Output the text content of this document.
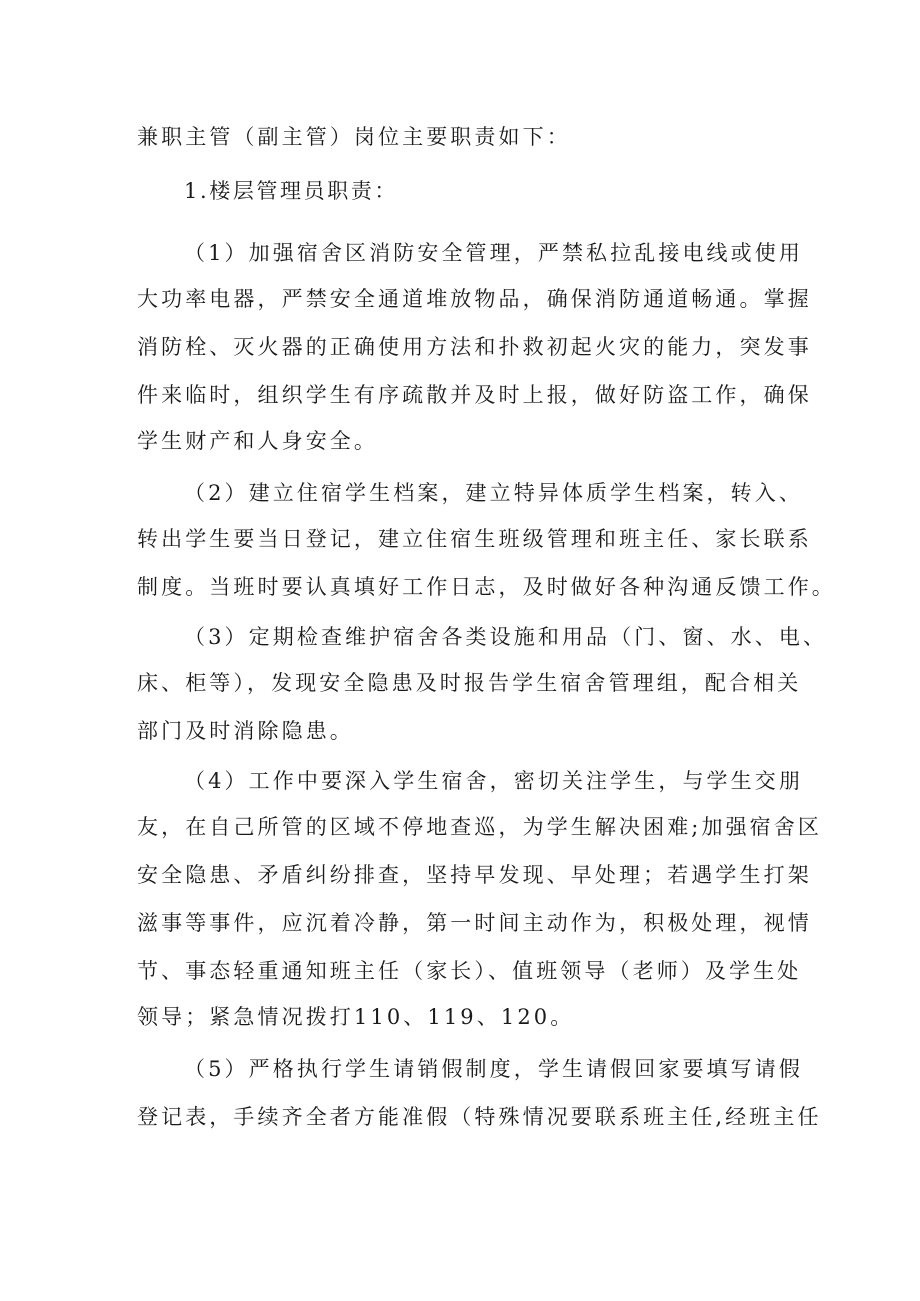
兼职主管（副主管）岗位主要职责如下：
1.楼层管理员职责：
（1）加强宿舍区消防安全管理，严禁私拉乱接电线或使用
大功率电器，严禁安全通道堆放物品，确保消防通道畅通。掌握
消防栓、灭火器的正确使用方法和扑救初起火灾的能力，突发事
件来临时，组织学生有序疏散并及时上报，做好防盗工作，确保
学生财产和人身安全。
（2）建立住宿学生档案，建立特异体质学生档案，转入、
转出学生要当日登记，建立住宿生班级管理和班主任、家长联系
制度。当班时要认真填好工作日志，及时做好各种沟通反馈工作。
（3）定期检查维护宿舍各类设施和用品（门、窗、水、电、
床、柜等），发现安全隐患及时报告学生宿舍管理组，配合相关
部门及时消除隐患。
（4）工作中要深入学生宿舍，密切关注学生，与学生交朋
友，在自己所管的区域不停地查巡，为学生解决困难;加强宿舍区
安全隐患、矛盾纠纷排查，坚持早发现、早处理；若遇学生打架
滋事等事件，应沉着冷静，第一时间主动作为，积极处理，视情
节、事态轻重通知班主任（家长）、值班领导（老师）及学生处
领导；紧急情况拨打110、119、120。
（5）严格执行学生请销假制度，学生请假回家要填写请假
登记表，手续齐全者方能准假（特殊情况要联系班主任,经班主任
